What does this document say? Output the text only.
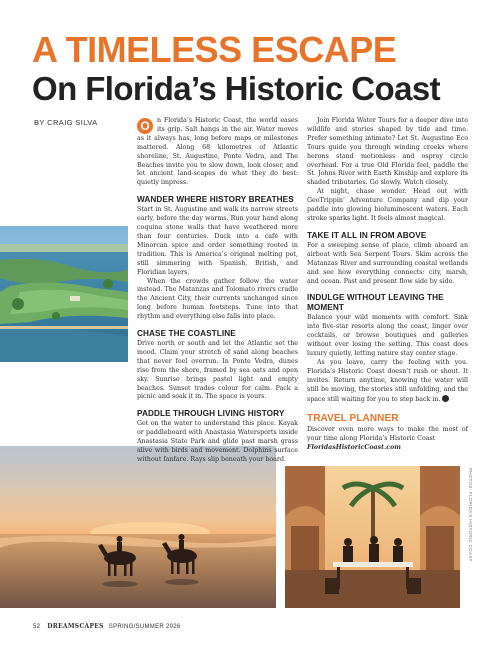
A TIMELESS ESCAPE
On Florida’s Historic Coast
BY CRAIG SILVA
PHOTOS: FLORIDA’S HISTORIC COAST

O	n Florida’s Historic Coast, the world eases its grip. Salt hangs in the air. Water moves as it always has, long before maps or milestones mattered. Along 68 kilometres of Atlantic shoreline, St. Augustine, Ponte Vedra, and The Beaches invite you to slow down, look closer, and let ancient land-scapes do what they do best: quietly impress.

WANDER WHERE HISTORY BREATHES

Start in St. Augustine and walk its narrow streets early, before the day warms. Run your hand along coquina stone walls that have weathered more than four centuries. Duck into a café with Minorcan spice and order something rooted in tradition. This is America’s original melting pot, still simmering with Spanish, British, and Floridian layers.

When the crowds gather follow the water instead. The Matanzas and Tolomato rivers cradle the Ancient City, their currents unchanged since long before human footsteps. Tune into that rhythm and everything else falls into place.

CHASE THE COASTLINE

Drive north or south and let the Atlantic set the mood. Claim your stretch of sand along beaches that never feel overrun. In Ponte Vedra, dunes rise from the shore, framed by sea oats and open sky. Sunrise brings pastel light and empty beaches. Sunset trades colour for calm. Pack a picnic and soak it in. The space is yours.

PADDLE THROUGH LIVING HISTORY

Get on the water to understand this place. Kayak or paddleboard with Anastasia Watersports inside Anastasia State Park and glide past marsh grass alive with birds and movement. Dolphins surface without fanfare. Rays slip beneath your board.

Join Florida Water Tours for a deeper dive into wildlife and stories shaped by tide and time. Prefer something intimate? Let St. Augustine Eco Tours guide you through winding creeks where herons stand motionless and osprey circle overhead. For a true Old Florida feel, paddle the St. Johns River with Earth Kinship and explore its shaded tributaries. Go slowly. Watch closely.

At night, chase wonder. Head out with GeoTrippin’ Adventure Company and dip your paddle into glowing bioluminescent waters. Each stroke sparks light. It feels almost magical.

TAKE IT ALL IN FROM ABOVE

For a sweeping sense of place, climb aboard an airboat with Sea Serpent Tours. Skim across the Matanzas River and surrounding coastal wetlands and see how everything connects: city, marsh, and ocean. Past and present flow side by side.

INDULGE WITHOUT LEAVING THE MOMENT

Balance your wild moments with comfort. Sink into five-star resorts along the coast, linger over cocktails, or browse boutiques and galleries without ever losing the setting. This coast does luxury quietly, letting nature stay center stage.

As you leave, carry the feeling with you. Florida’s Historic Coast doesn’t rush or shout. It invites. Return anytime, knowing the water will still be moving, the stories still unfolding, and the space still waiting for you to step back in.

TRAVEL PLANNER

Discover even more ways to make the most of your time along Florida’s Historic Coast

FloridasHistoricCoast.com

52 DREAMSCAPES SPRING/SUMMER 2026
